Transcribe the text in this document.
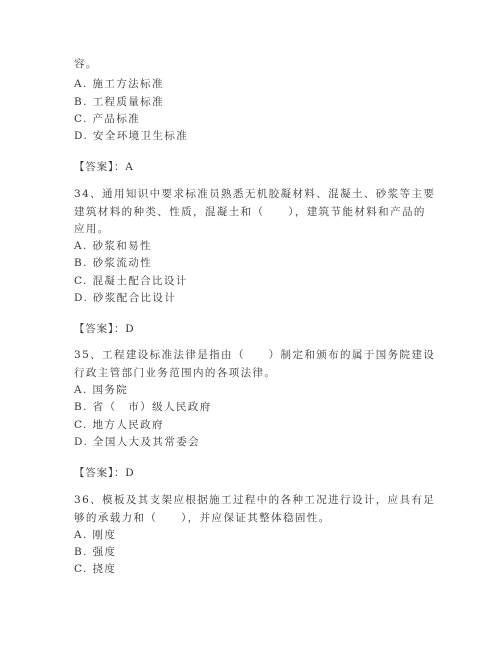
容。
A. 施工方法标准
B. 工程质量标准
C. 产品标准
D. 安全环境卫生标准
【答案】：A
34、通用知识中要求标准员熟悉无机胶凝材料、混凝土、砂浆等主要
建筑材料的种类、性质，混凝土和（　　），建筑节能材料和产品的
应用。
A. 砂浆和易性
B. 砂浆流动性
C. 混凝土配合比设计
D. 砂浆配合比设计
【答案】：D
35、工程建设标准法律是指由（　　）制定和颁布的属于国务院建设
行政主管部门业务范围内的各项法律。
A. 国务院
B. 省（　市）级人民政府
C. 地方人民政府
D. 全国人大及其常委会
【答案】：D
36、模板及其支架应根据施工过程中的各种工况进行设计，应具有足
够的承载力和（　　），并应保证其整体稳固性。
A. 刚度
B. 强度
C. 挠度
